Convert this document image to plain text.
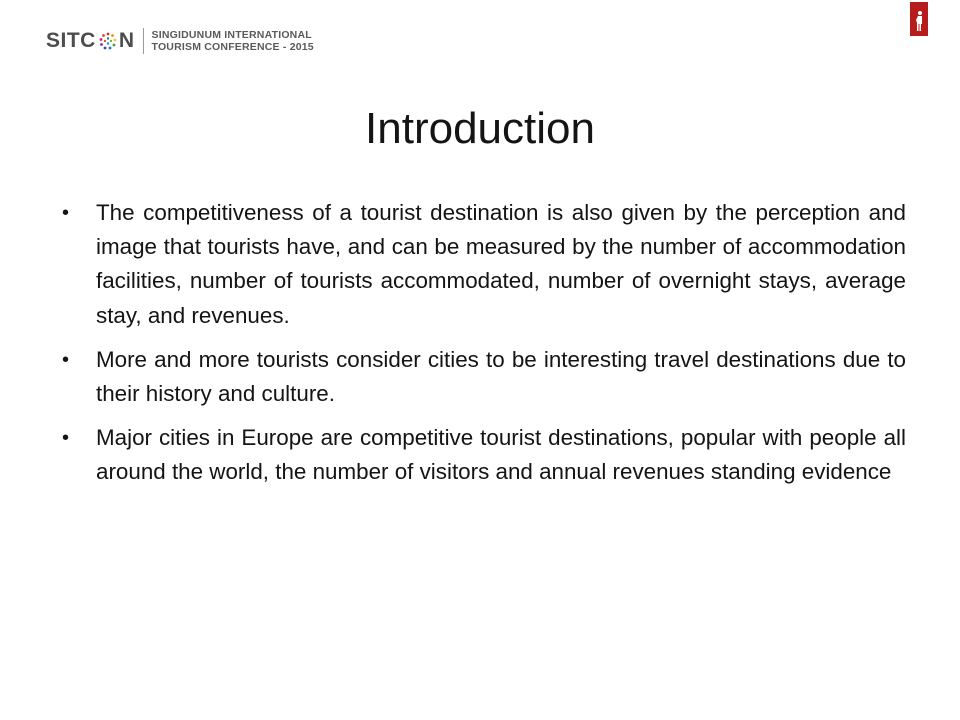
SITC N SINGIDUNUM INTERNATIONAL
TOURISM CONFERENCE - 2015
Introduction
• The competitiveness of a tourist destination is also given by the perception and image that tourists have, and can be measured by the number of accommodation facilities, number of tourists accommodated, number of overnight stays, average stay, and revenues.
• More and more tourists consider cities to be interesting travel destinations due to their history and culture.
• Major cities in Europe are competitive tourist destinations, popular with people all around the world, the number of visitors and annual revenues standing evidence
